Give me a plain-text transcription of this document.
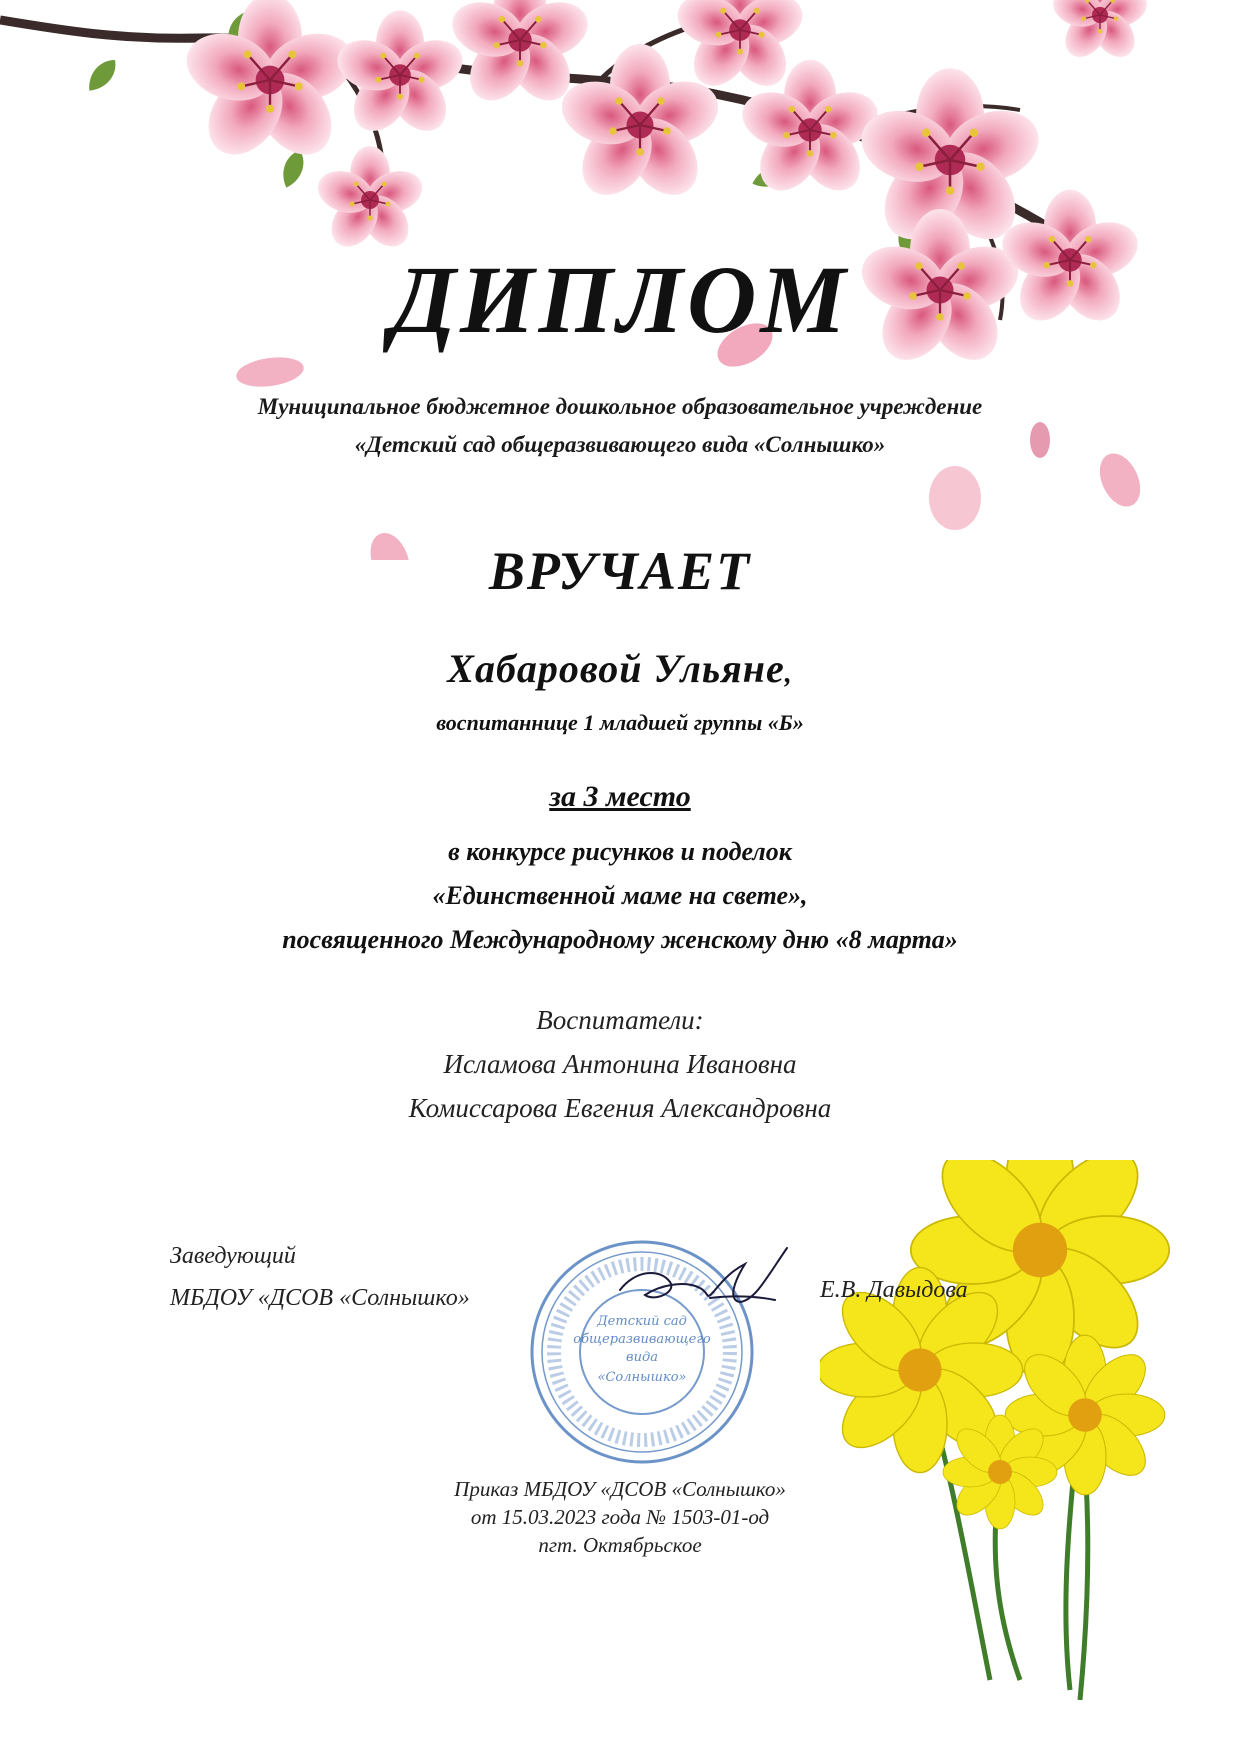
ДИПЛОМ
Муниципальное бюджетное дошкольное образовательное учреждение
«Детский сад общеразвивающего вида «Солнышко»
ВРУЧАЕТ
Хабаровой Ульяне,
воспитаннице 1 младшей группы «Б»
за 3 место
в конкурсе рисунков и поделок
«Единственной маме на свете»,
посвященного Международному женскому дню «8 марта»
Воспитатели:
Исламова Антонина Ивановна
Комиссарова Евгения Александровна
Заведующий
МБДОУ «ДСОВ «Солнышко»
Детский сад
общеразвивающего
вида
«Солнышко»
Е.В. Давыдова
Приказ МБДОУ «ДСОВ «Солнышко»
от 15.03.2023 года № 1503-01-од
пгт. Октябрьское
